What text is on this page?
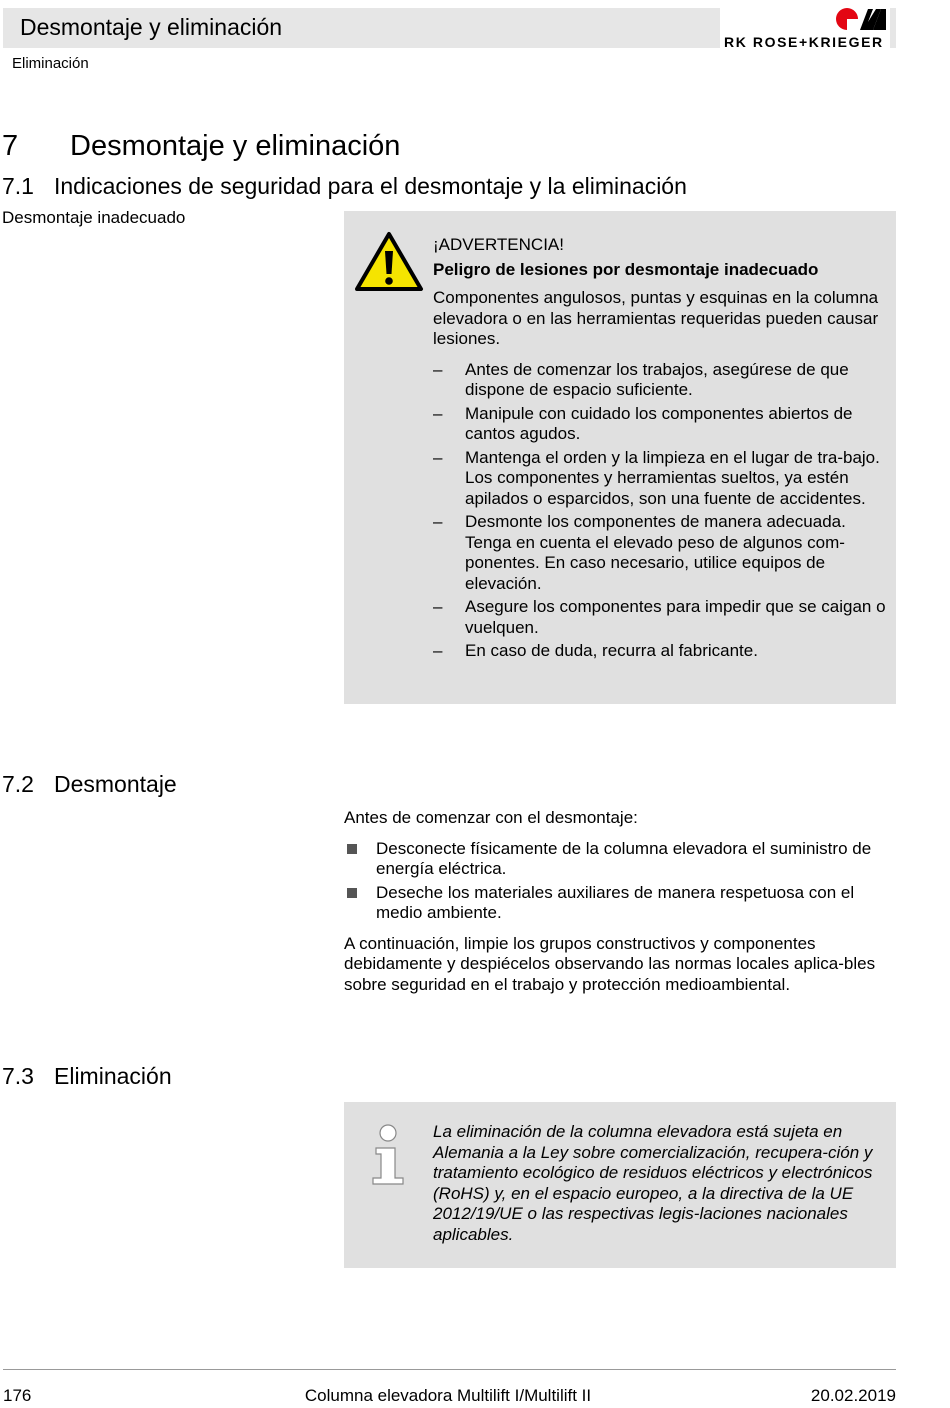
Desmontaje y eliminación
Eliminación
RK ROSE+KRIEGER
7 Desmontaje y eliminación
7.1 Indicaciones de seguridad para el desmontaje y la eliminación
Desmontaje inadecuado

¡ADVERTENCIA!

Peligro de lesiones por desmontaje inadecuado

Componentes angulosos, puntas y esquinas en la columna elevadora o en las herramientas requeridas pueden causar lesiones.

– Antes de comenzar los trabajos, asegúrese de que dispone de espacio suficiente.
– Manipule con cuidado los componentes abiertos de cantos agudos.
– Mantenga el orden y la limpieza en el lugar de tra-bajo. Los componentes y herramientas sueltos, ya estén apilados o esparcidos, son una fuente de accidentes.
– Desmonte los componentes de manera adecuada. Tenga en cuenta el elevado peso de algunos com-ponentes. En caso necesario, utilice equipos de elevación.
– Asegure los componentes para impedir que se caigan o vuelquen.
– En caso de duda, recurra al fabricante.
7.2 Desmontaje

Antes de comenzar con el desmontaje:

Desconecte físicamente de la columna elevadora el suministro de energía eléctrica.
Deseche los materiales auxiliares de manera respetuosa con el medio ambiente.

A continuación, limpie los grupos constructivos y componentes debidamente y despiécelos observando las normas locales aplica-bles sobre seguridad en el trabajo y protección medioambiental.

7.3 Eliminación
La eliminación de la columna elevadora está sujeta en Alemania a la Ley sobre comercialización, recupera-ción y tratamiento ecológico de residuos eléctricos y electrónicos (RoHS) y, en el espacio europeo, a la directiva de la UE 2012/19/UE o las respectivas legis-laciones nacionales aplicables.
176	Columna elevadora Multilift I/Multilift II	20.02.2019
